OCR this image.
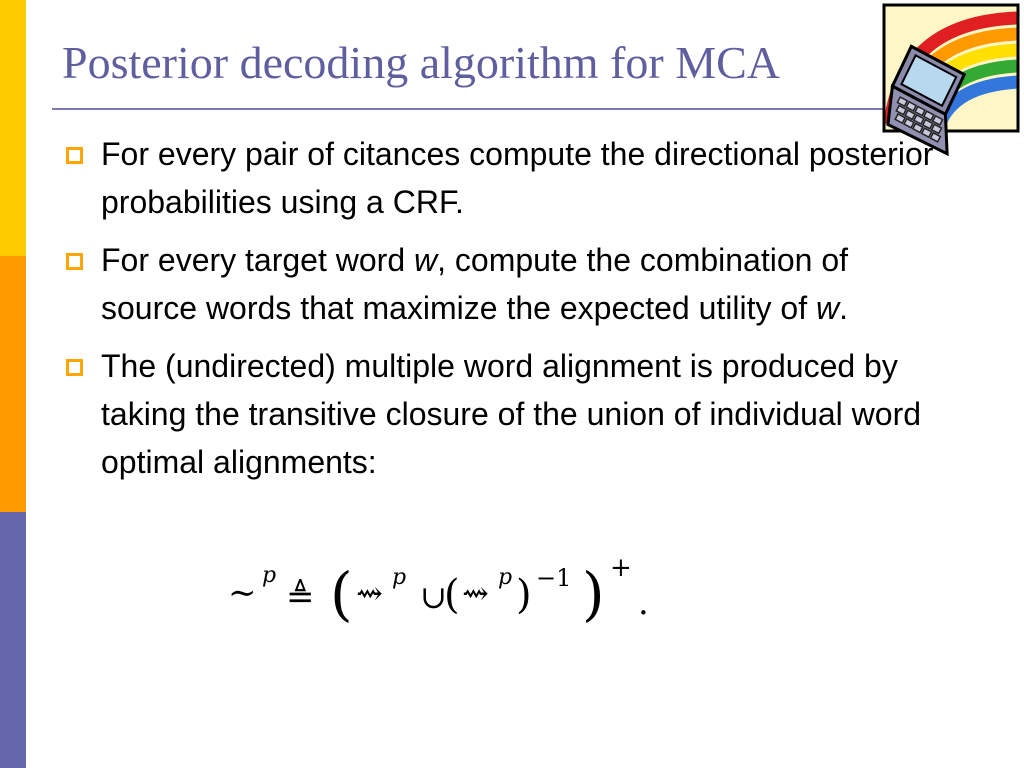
Posterior decoding algorithm for MCA
For every pair of citances compute the directional posterior probabilities using a CRF.
For every target word w, compute the combination of source words that maximize the expected utility of w.
The (undirected) multiple word alignment is produced by taking the transitive closure of the union of individual word optimal alignments:
∼ p
≜ ( ⇝ p
∪
( ⇝ p ) −1 ) +
.
